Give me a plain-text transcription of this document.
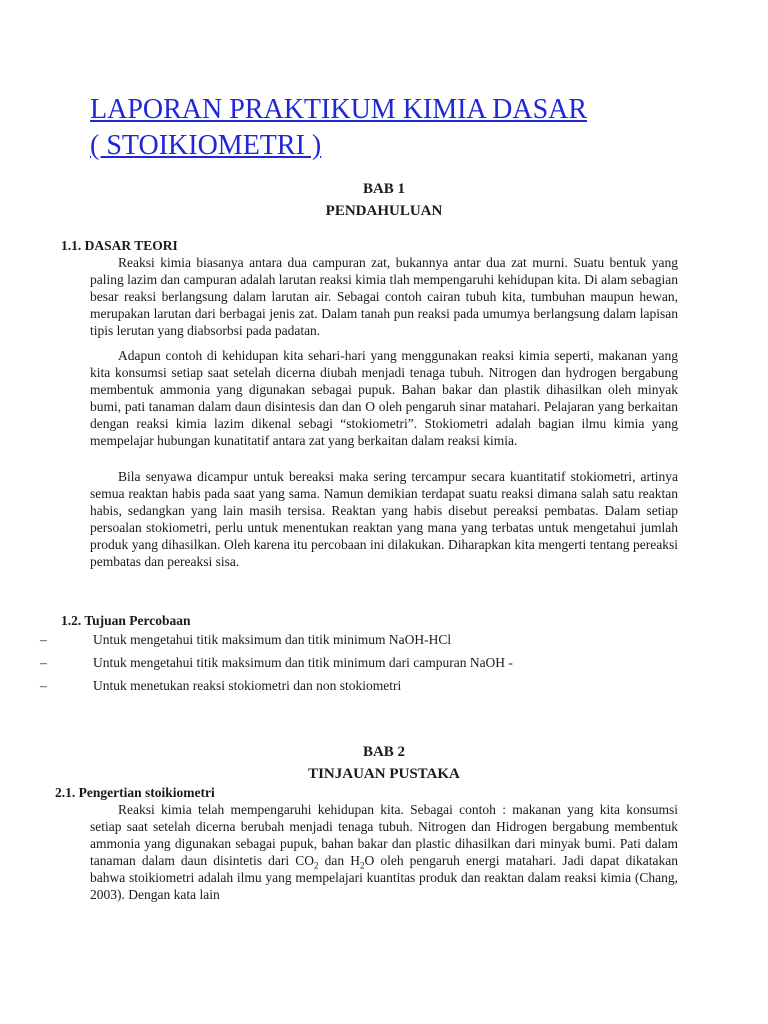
LAPORAN PRAKTIKUM KIMIA DASAR
( STOIKIOMETRI )
BAB 1
PENDAHULUAN
1.1. DASAR TEORI

Reaksi kimia biasanya antara dua campuran zat, bukannya antar dua zat murni. Suatu bentuk yang paling lazim dan campuran adalah larutan reaksi kimia tlah mempengaruhi kehidupan kita. Di alam sebagian besar reaksi berlangsung dalam larutan air. Sebagai contoh cairan tubuh kita, tumbuhan maupun hewan, merupakan larutan dari berbagai jenis zat. Dalam tanah pun reaksi pada umumya berlangsung dalam lapisan tipis lerutan yang diabsorbsi pada padatan.

Adapun contoh di kehidupan kita sehari-hari yang menggunakan reaksi kimia seperti, makanan yang kita konsumsi setiap saat setelah dicerna diubah menjadi tenaga tubuh. Nitrogen dan hydrogen bergabung membentuk ammonia yang digunakan sebagai pupuk. Bahan bakar dan plastik dihasilkan oleh minyak bumi, pati tanaman dalam daun disintesis dan dan O oleh pengaruh sinar matahari. Pelajaran yang berkaitan dengan reaksi kimia lazim dikenal sebagi “stokiometri”. Stokiometri adalah bagian ilmu kimia yang mempelajar hubungan kunatitatif antara zat yang berkaitan dalam reaksi kimia.

Bila senyawa dicampur untuk bereaksi maka sering tercampur secara kuantitatif stokiometri, artinya semua reaktan habis pada saat yang sama. Namun demikian terdapat suatu reaksi dimana salah satu reaktan habis, sedangkan yang lain masih tersisa. Reaktan yang habis disebut pereaksi pembatas. Dalam setiap persoalan stokiometri, perlu untuk menentukan reaktan yang mana yang terbatas untuk mengetahui jumlah produk yang dihasilkan. Oleh karena itu percobaan ini dilakukan. Diharapkan kita mengerti tentang pereaksi pembatas dan pereaksi sisa.

1.2. Tujuan Percobaan
–	Untuk mengetahui titik maksimum dan titik minimum NaOH-HCl
–	Untuk mengetahui titik maksimum dan titik minimum dari campuran NaOH -
–	Untuk menetukan reaksi stokiometri dan non stokiometri
BAB 2
TINJAUAN PUSTAKA
2.1. Pengertian stoikiometri

Reaksi kimia telah mempengaruhi kehidupan kita. Sebagai contoh : makanan yang kita konsumsi setiap saat setelah dicerna berubah menjadi tenaga tubuh. Nitrogen dan Hidrogen bergabung membentuk ammonia yang digunakan sebagai pupuk, bahan bakar dan plastic dihasilkan dari minyak bumi. Pati dalam tanaman dalam daun disintetis dari $CO_2$ dan $H_2O$ oleh pengaruh energi matahari. Jadi dapat dikatakan bahwa stoikiometri adalah ilmu yang mempelajari kuantitas produk dan reaktan dalam reaksi kimia (Chang, 2003). Dengan kata lain
